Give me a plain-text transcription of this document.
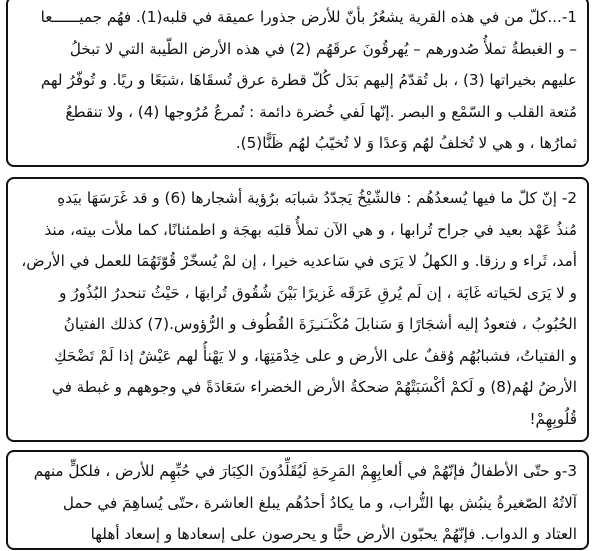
1-...كلّ من في هذه القرية يشعُرُ بأنّ للأرض جذورا عميقة في قلبه(1). فهُم جميــــــعا
– و الغبطةُ تملأُ صُدورهم – يُهرقُونَ عرقَهُم (2) في هذه الأرض الطّيبة التي لا تبخلُ
عليهم بخيراتها (3) ، بل تُقدّمُ إليهم بَدَل كُلّ قطرة عرق تُسقَاهَا ،شبَعًا و ريًا. و تُوفّرُ لهم
مُتعة القلب و السّمْع و البصر .إنّها لَفي خُضرة دائمة : تُمرعُ مُرُوجها (4) ، ولا تنقطعُ
ثمارُها ، و هي لا تُخلفُ لهُم وَعدًا وَ لا تُخيّبُ لهُم ظَنًّا(5).
2- إنّ كلّ ما فيها يُسعدُهُم : فالشّيْخُ يَجدّدُ شبابَه برُؤية أشجارها (6) و قد غَرَسَهَا بيَدهِ
مُنذُ عَهْد بعيد في جراح تُرابها ، و هي الآن تملأُ قلبَه بهجَة و اطمئنانًا، كما ملأت بيته، منذ
أمد، ثَراء و رزقا. و الكهلُ لا يَرَى في سَاعديه خيرا ، إن لمْ يُسخّرْ قُوّتَهُمَا للعمل في الأرض،
و لا يَرَى لحَياته غَايَة ، إن لَم يُرقِ عَرَقَه غَزيرًا بَيْنَ شُقُوق تُرابهَا ، حَيْثُ تنحدرُ البُذُورُ و
الحُبُوبُ ، فتعودُ إليه أشجَارًا وَ سَنابلَ مُكْتـَنـِزَةَ القُطُوف و الرُّؤوس.(7) كذلك الفتيانُ
و الفتياتُ، فشبابُهُم وُقفٌ على الأرض و على خِدْمَتِهَا، و لا يَهْنأُ لهم عَيْشٌ إذا لَمْ تَضْحَكِ
الأرضُ لهُم(8) و لَكمْ أكْسَبَتْهُمْ ضحكةُ الأرض الخضراء سَعَادَةً في وجوههم و غبطة في
قُلُوبِهِمْ!
3-و حتّى الأطفالُ فإنّهُمْ في ألعابِهِمْ المَرِحَةِ لَيُقَلِّدُونَ الكِبَارَ في حُبِّهِم للأرض ، فلكلٍّ منهم
آلاتُهُ الصّغيرةُ ينبُش بها التُّراب، و ما يكادُ أحدُهُم يبلغ العاشرة ،حتّى يُساهِمَ في حمل
العتاد و الدواب. فإنّهُمْ يحبّون الأرض حبًّا و يحرصون على إسعادها و إسعاد أهلها
